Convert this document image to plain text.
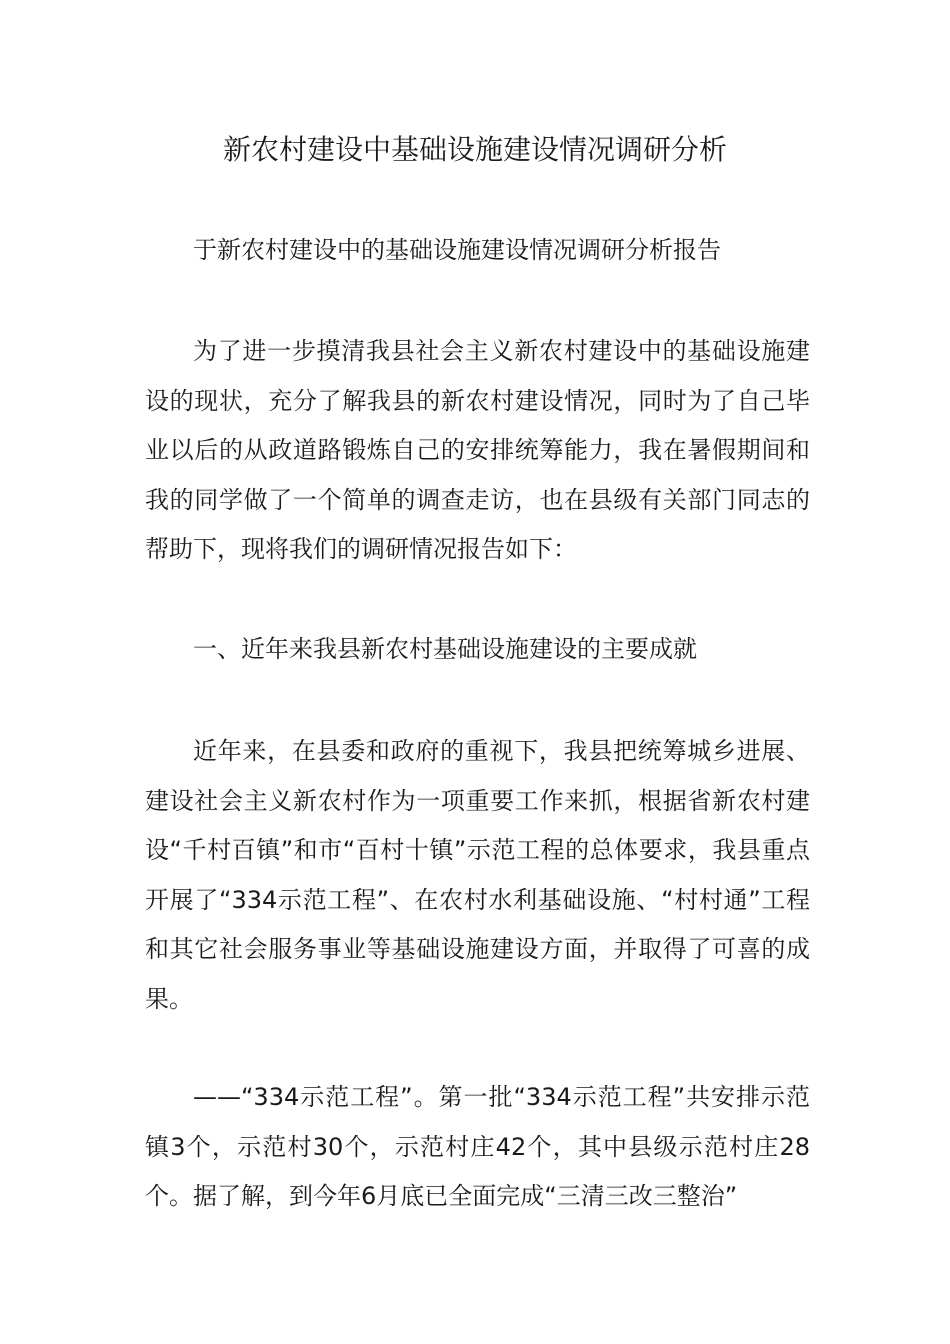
新农村建设中基础设施建设情况调研分析

于新农村建设中的基础设施建设情况调研分析报告

为了进一步摸清我县社会主义新农村建设中的基础设施建设的现状，充分了解我县的新农村建设情况，同时为了自己毕业以后的从政道路锻炼自己的安排统筹能力，我在暑假期间和我的同学做了一个简单的调查走访，也在县级有关部门同志的帮助下，现将我们的调研情况报告如下：

一、近年来我县新农村基础设施建设的主要成就

近年来，在县委和政府的重视下，我县把统筹城乡进展、建设社会主义新农村作为一项重要工作来抓，根据省新农村建设“千村百镇”和市“百村十镇”示范工程的总体要求，我县重点开展了“334示范工程”、在农村水利基础设施、“村村通”工程和其它社会服务事业等基础设施建设方面，并取得了可喜的成果。

——“334示范工程”。第一批“334示范工程”共安排示范镇3个，示范村30个，示范村庄42个，其中县级示范村庄28个。据了解，到今年6月底已全面完成“三清三改三整治”
